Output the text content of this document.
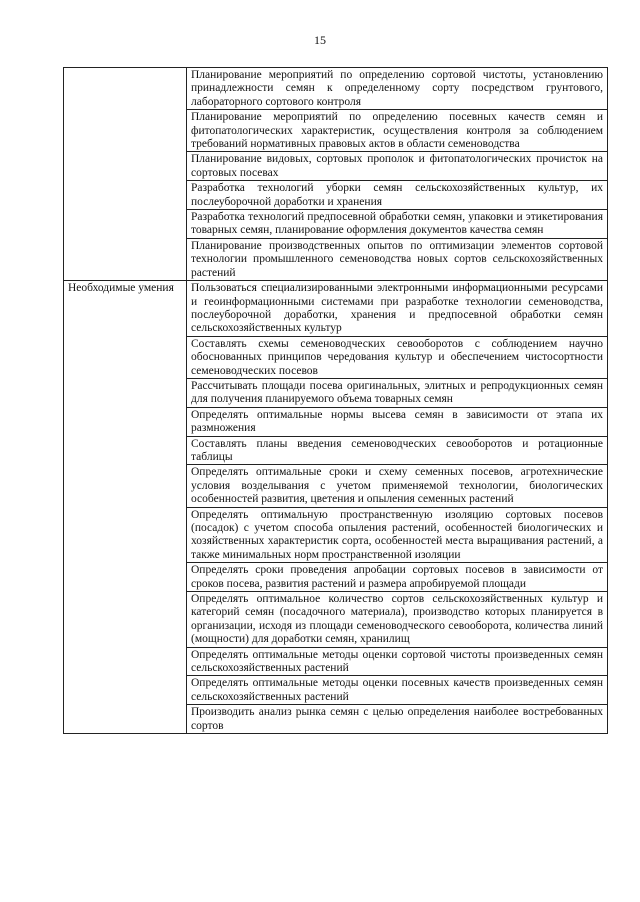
15
	Планирование мероприятий по определению сортовой чистоты, установлению принадлежности семян к определенному сорту посредством грунтового, лабораторного сортового контроля
	Планирование мероприятий по определению посевных качеств семян и фитопатологических характеристик, осуществления контроля за соблюдением требований нормативных правовых актов в области семеноводства
	Планирование видовых, сортовых прополок и фитопатологических прочисток на сортовых посевах
	Разработка технологий уборки семян сельскохозяйственных культур, их послеуборочной доработки и хранения
	Разработка технологий предпосевной обработки семян, упаковки и этикетирования товарных семян, планирование оформления документов качества семян
	Планирование производственных опытов по оптимизации элементов сортовой технологии промышленного семеноводства новых сортов сельскохозяйственных растений
Необходимые умения	Пользоваться специализированными электронными информационными ресурсами и геоинформационными системами при разработке технологии семеноводства, послеуборочной доработки, хранения и предпосевной обработки семян сельскохозяйственных культур
	Составлять схемы семеноводческих севооборотов с соблюдением научно обоснованных принципов чередования культур и обеспечением чистосортности семеноводческих посевов
	Рассчитывать площади посева оригинальных, элитных и репродукционных семян для получения планируемого объема товарных семян
	Определять оптимальные нормы высева семян в зависимости от этапа их размножения
	Составлять планы введения семеноводческих севооборотов и ротационные таблицы
	Определять оптимальные сроки и схему семенных посевов, агротехнические условия возделывания с учетом применяемой технологии, биологических особенностей развития, цветения и опыления семенных растений
	Определять оптимальную пространственную изоляцию сортовых посевов (посадок) с учетом способа опыления растений, особенностей биологических и хозяйственных характеристик сорта, особенностей места выращивания растений, а также минимальных норм пространственной изоляции
	Определять сроки проведения апробации сортовых посевов в зависимости от сроков посева, развития растений и размера апробируемой площади
	Определять оптимальное количество сортов сельскохозяйственных культур и категорий семян (посадочного материала), производство которых планируется в организации, исходя из площади семеноводческого севооборота, количества линий (мощности) для доработки семян, хранилищ
	Определять оптимальные методы оценки сортовой чистоты произведенных семян сельскохозяйственных растений
	Определять оптимальные методы оценки посевных качеств произведенных семян сельскохозяйственных растений
	Производить анализ рынка семян с целью определения наиболее востребованных сортов
